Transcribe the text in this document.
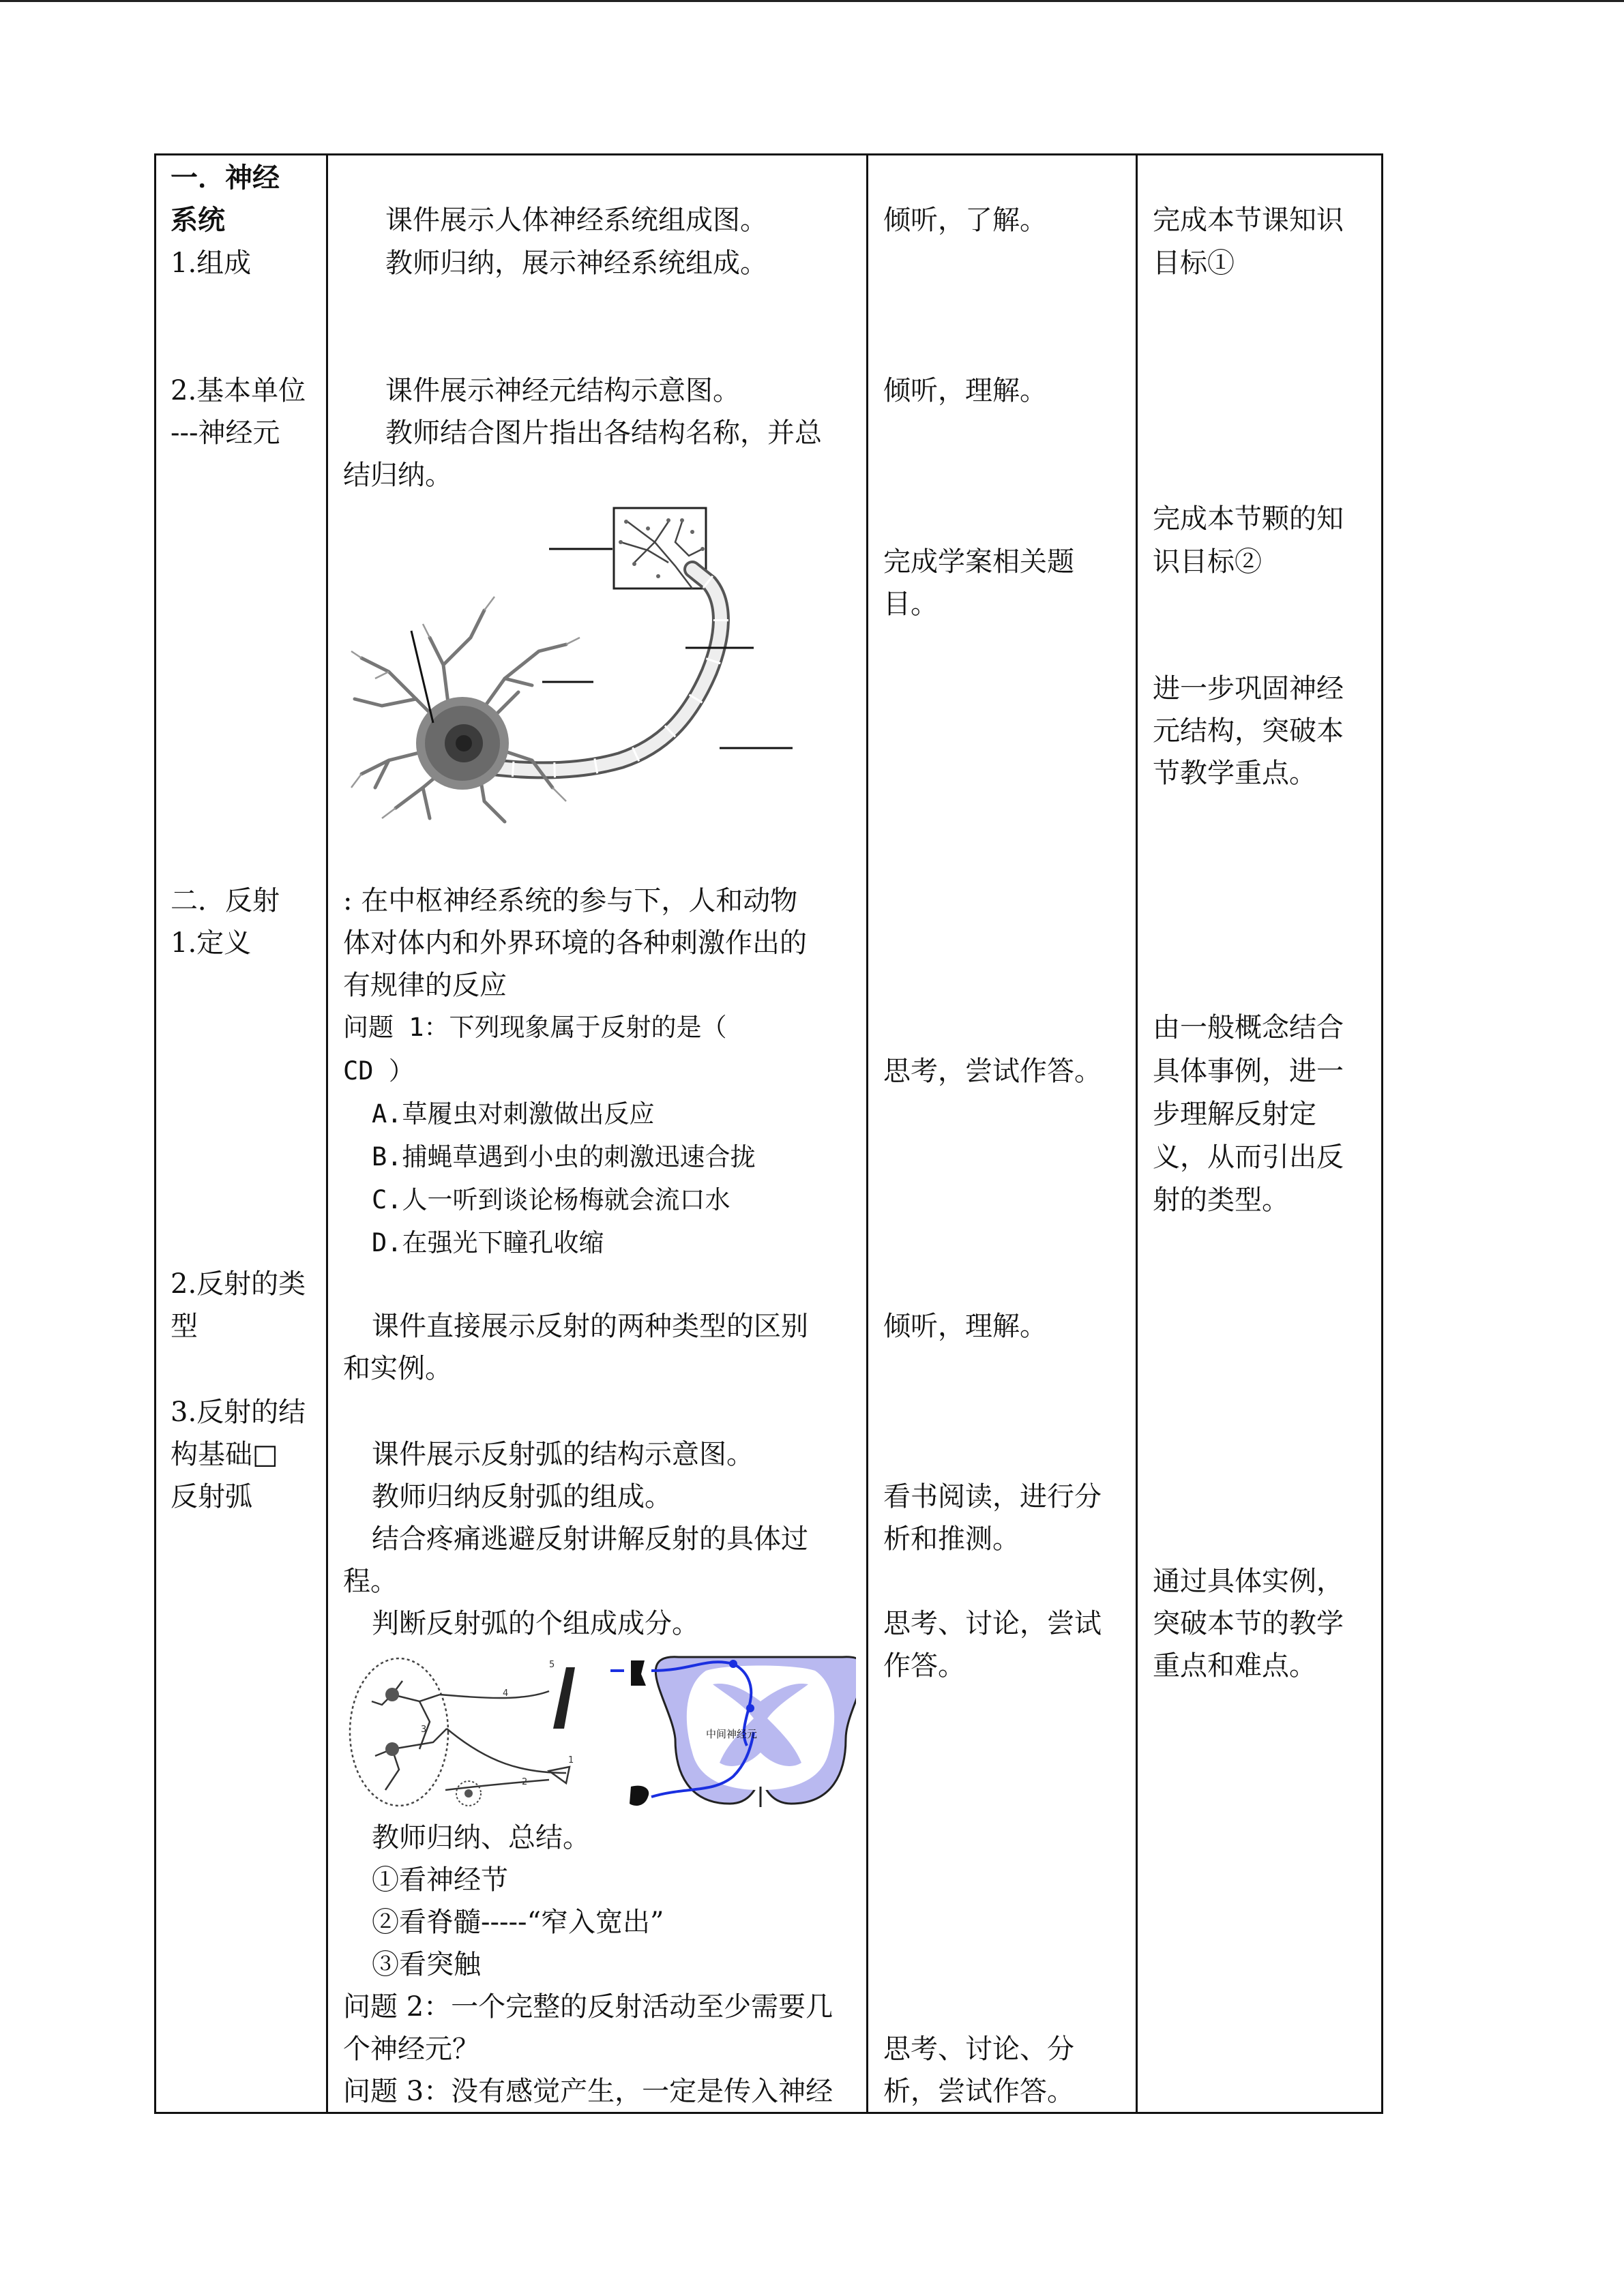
一．神经
系统
1.组成
2.基本单位
---神经元
二．反射
1.定义
2.反射的类
型
3.反射的结
构基础□
反射弧
课件展示人体神经系统组成图。
教师归纳，展示神经系统组成。
课件展示神经元结构示意图。
教师结合图片指出各结构名称，并总
结归纳。
: 在中枢神经系统的参与下，人和动物
体对体内和外界环境的各种刺激作出的
有规律的反应
问题 1：下列现象属于反射的是（
CD ）
A.草履虫对刺激做出反应
B.捕蝇草遇到小虫的刺激迅速合拢
C.人一听到谈论杨梅就会流口水
D.在强光下瞳孔收缩
课件直接展示反射的两种类型的区别
和实例。
课件展示反射弧的结构示意图。
教师归纳反射弧的组成。
结合疼痛逃避反射讲解反射的具体过
程。
判断反射弧的个组成成分。
5
4
3
2
1
中间神经元
教师归纳、总结。
①看神经节
②看脊髓-----“窄入宽出”
③看突触
问题 2：一个完整的反射活动至少需要几
个神经元？
问题 3：没有感觉产生，一定是传入神经
倾听，了解。
倾听，理解。
完成学案相关题
目。
思考，尝试作答。
倾听，理解。
看书阅读，进行分
析和推测。
思考、讨论，尝试
作答。
思考、讨论、分
析，尝试作答。
完成本节课知识
目标①
完成本节颗的知
识目标②
进一步巩固神经
元结构，突破本
节教学重点。
由一般概念结合
具体事例，进一
步理解反射定
义，从而引出反
射的类型。
通过具体实例，
突破本节的教学
重点和难点。
